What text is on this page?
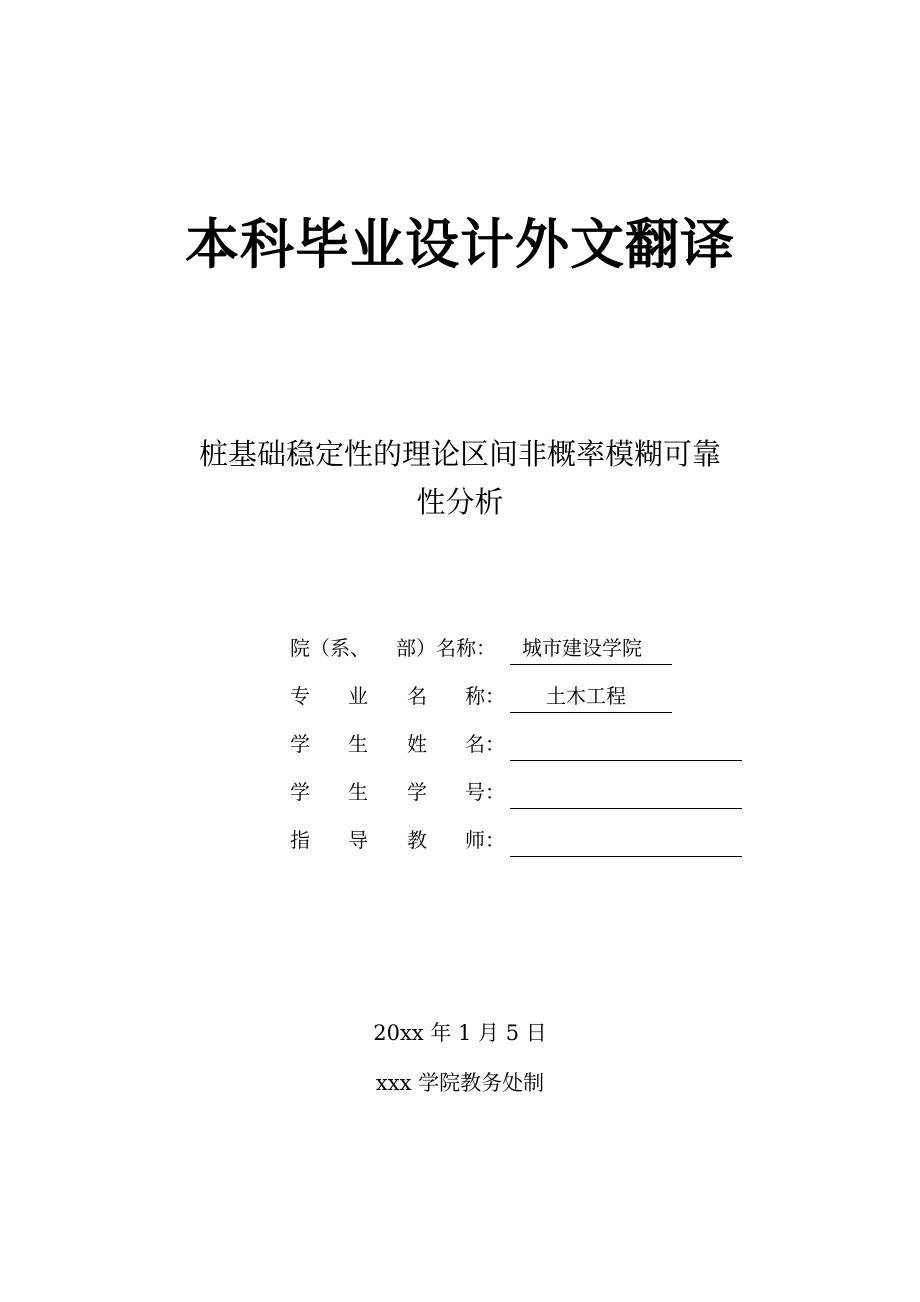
本科毕业设计外文翻译
桩基础稳定性的理论区间非概率模糊可靠
性分析
院（系、 部）名称： 城市建设学院
专 业 名 称： 土木工程
学 生 姓 名：
学 生 学 号：
指 导 教 师：
20xx 年 1 月 5 日
xxx 学院教务处制
